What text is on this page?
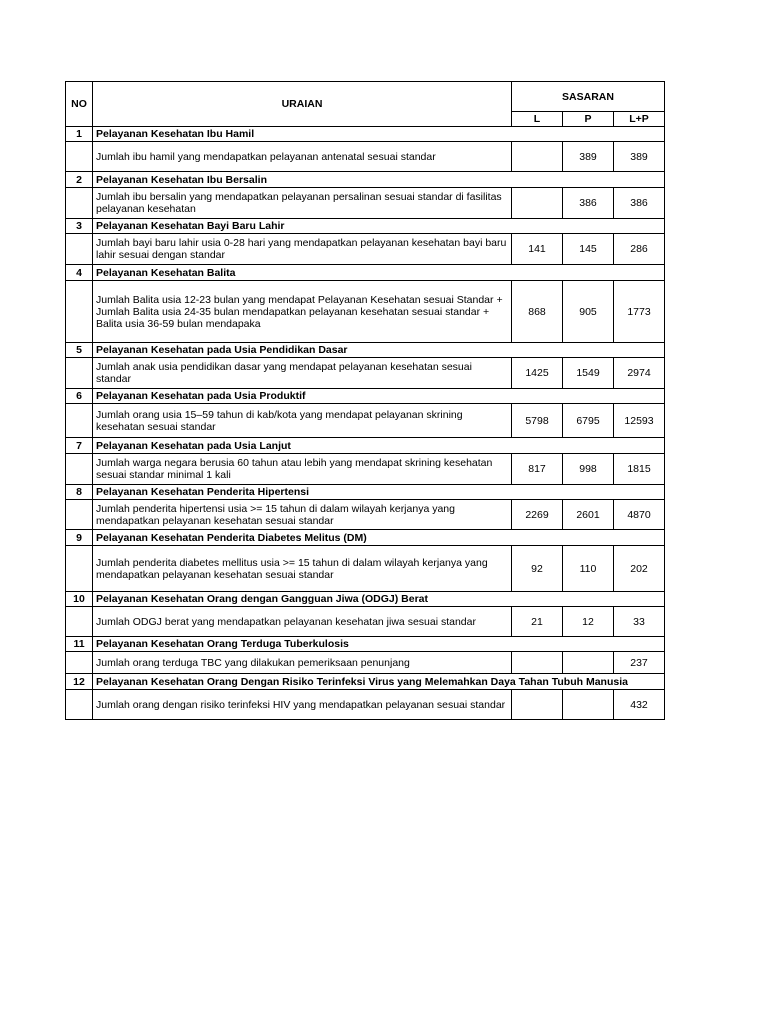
NO	URAIAN	SASARAN		
		L	P	L+P
1	Pelayanan Kesehatan Ibu Hamil			
	Jumlah ibu hamil yang mendapatkan pelayanan antenatal sesuai standar		389	389
2	Pelayanan Kesehatan Ibu Bersalin			
	Jumlah ibu bersalin yang mendapatkan pelayanan persalinan sesuai standar di fasilitas pelayanan kesehatan		386	386
3	Pelayanan Kesehatan Bayi Baru Lahir			
	Jumlah bayi baru lahir usia 0-28 hari yang mendapatkan pelayanan kesehatan bayi baru lahir sesuai dengan standar	141	145	286
4	Pelayanan Kesehatan Balita			
	Jumlah Balita usia 12-23 bulan yang mendapat Pelayanan Kesehatan sesuai Standar + Jumlah Balita usia 24-35 bulan mendapatkan pelayanan kesehatan sesuai standar + Balita usia 36-59 bulan mendapaka	868	905	1773
5	Pelayanan Kesehatan pada Usia Pendidikan Dasar			
	Jumlah anak usia pendidikan dasar yang mendapat pelayanan kesehatan sesuai standar	1425	1549	2974
6	Pelayanan Kesehatan pada Usia Produktif			
	Jumlah orang usia 15–59 tahun di kab/kota yang mendapat pelayanan skrining kesehatan sesuai standar	5798	6795	12593
7	Pelayanan Kesehatan pada Usia Lanjut			
	Jumlah warga negara berusia 60 tahun atau lebih yang mendapat skrining kesehatan sesuai standar minimal 1 kali	817	998	1815
8	Pelayanan Kesehatan Penderita Hipertensi			
	Jumlah penderita hipertensi usia >= 15 tahun di dalam wilayah kerjanya yang mendapatkan pelayanan kesehatan sesuai standar	2269	2601	4870
9	Pelayanan Kesehatan Penderita Diabetes Melitus (DM)			
	Jumlah penderita diabetes mellitus usia >= 15 tahun di dalam wilayah kerjanya yang mendapatkan pelayanan kesehatan sesuai standar	92	110	202
10	Pelayanan Kesehatan Orang dengan Gangguan Jiwa (ODGJ) Berat			
	Jumlah ODGJ berat yang mendapatkan pelayanan kesehatan jiwa sesuai standar	21	12	33
11	Pelayanan Kesehatan Orang Terduga Tuberkulosis			
	Jumlah orang terduga TBC yang dilakukan pemeriksaan penunjang			237
12	Pelayanan Kesehatan Orang Dengan Risiko Terinfeksi Virus yang Melemahkan Daya Tahan Tubuh Manusia			
	Jumlah orang dengan risiko terinfeksi HIV yang mendapatkan pelayanan sesuai standar			432
